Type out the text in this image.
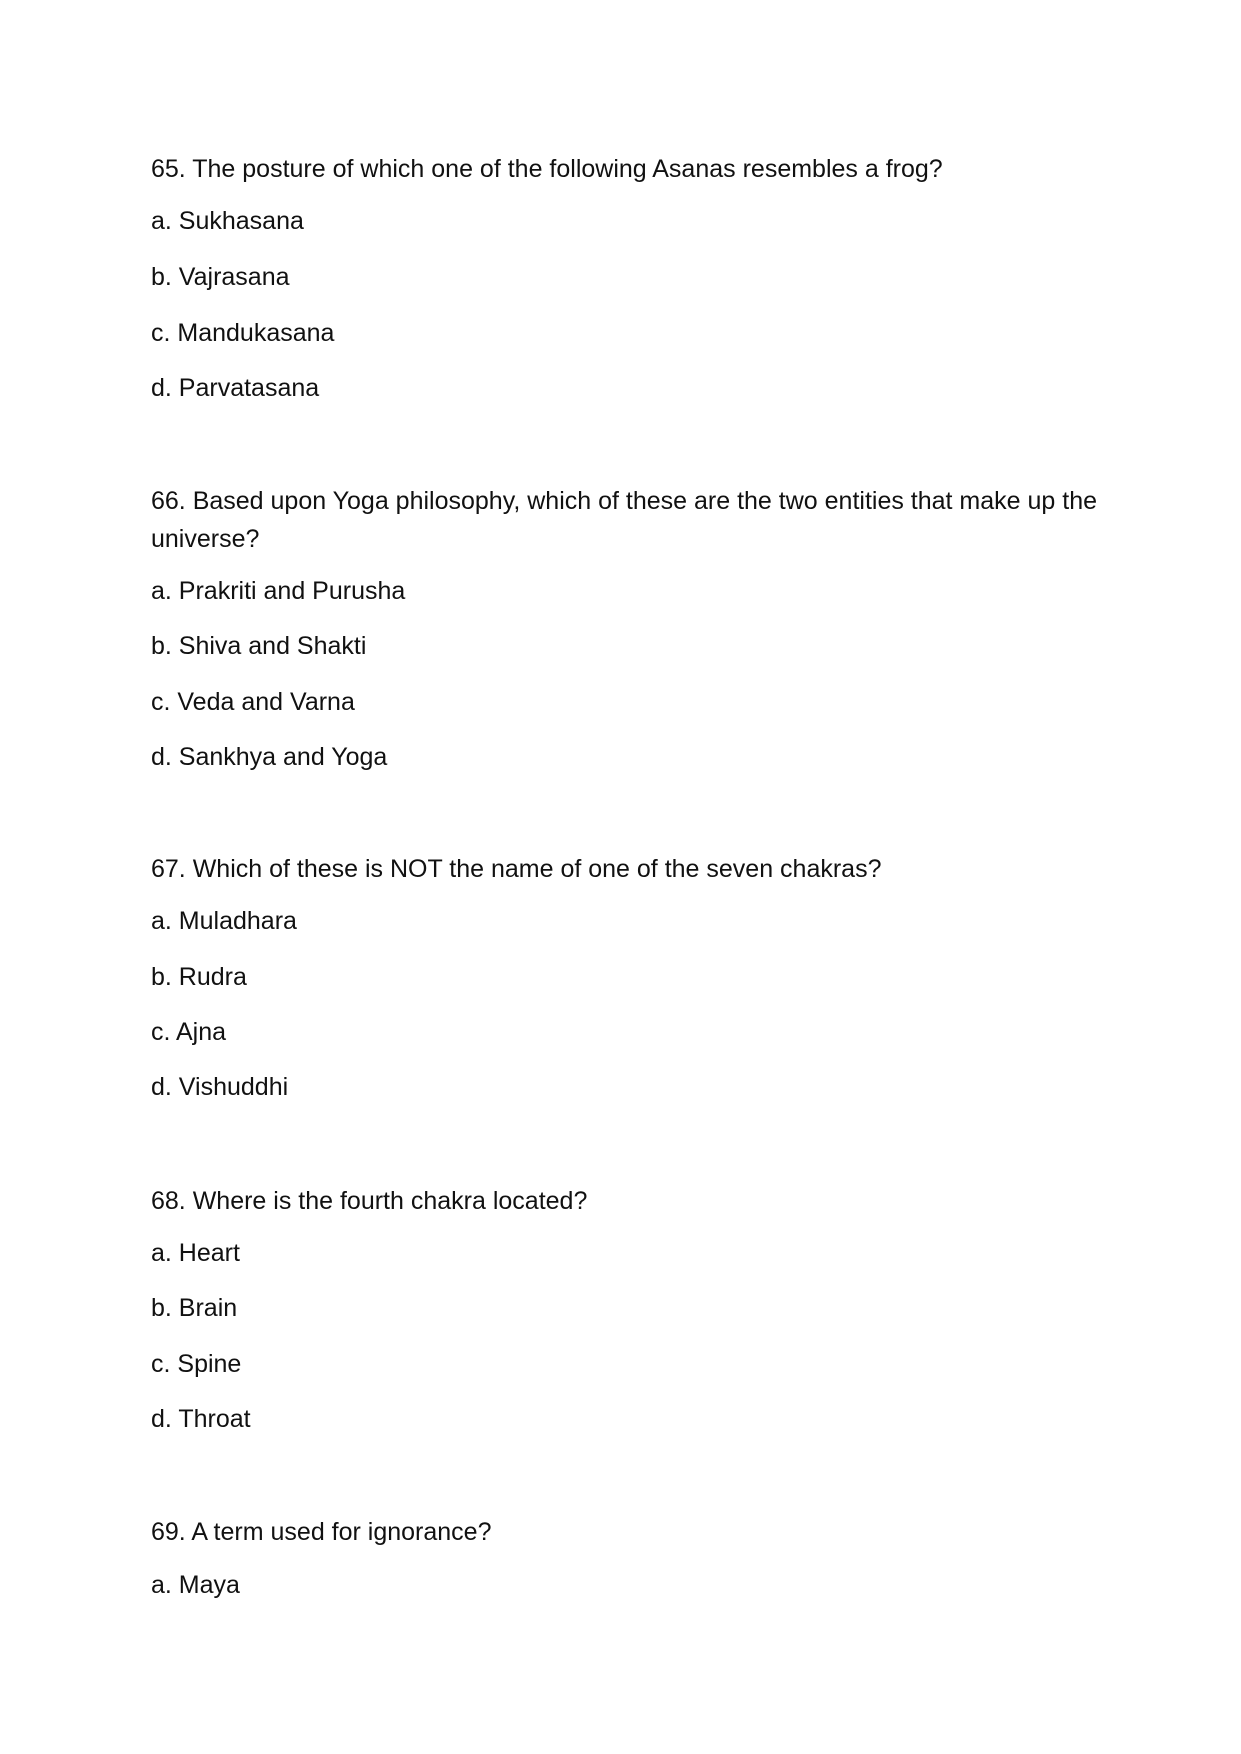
65. The posture of which one of the following Asanas resembles a frog?

a. Sukhasana

b. Vajrasana

c. Mandukasana

d. Parvatasana

66. Based upon Yoga philosophy, which of these are the two entities that make up the universe?

a. Prakriti and Purusha

b. Shiva and Shakti

c. Veda and Varna

d. Sankhya and Yoga

67. Which of these is NOT the name of one of the seven chakras?

a. Muladhara

b. Rudra

c. Ajna

d. Vishuddhi

68. Where is the fourth chakra located?

a. Heart

b. Brain

c. Spine

d. Throat

69. A term used for ignorance?

a. Maya
